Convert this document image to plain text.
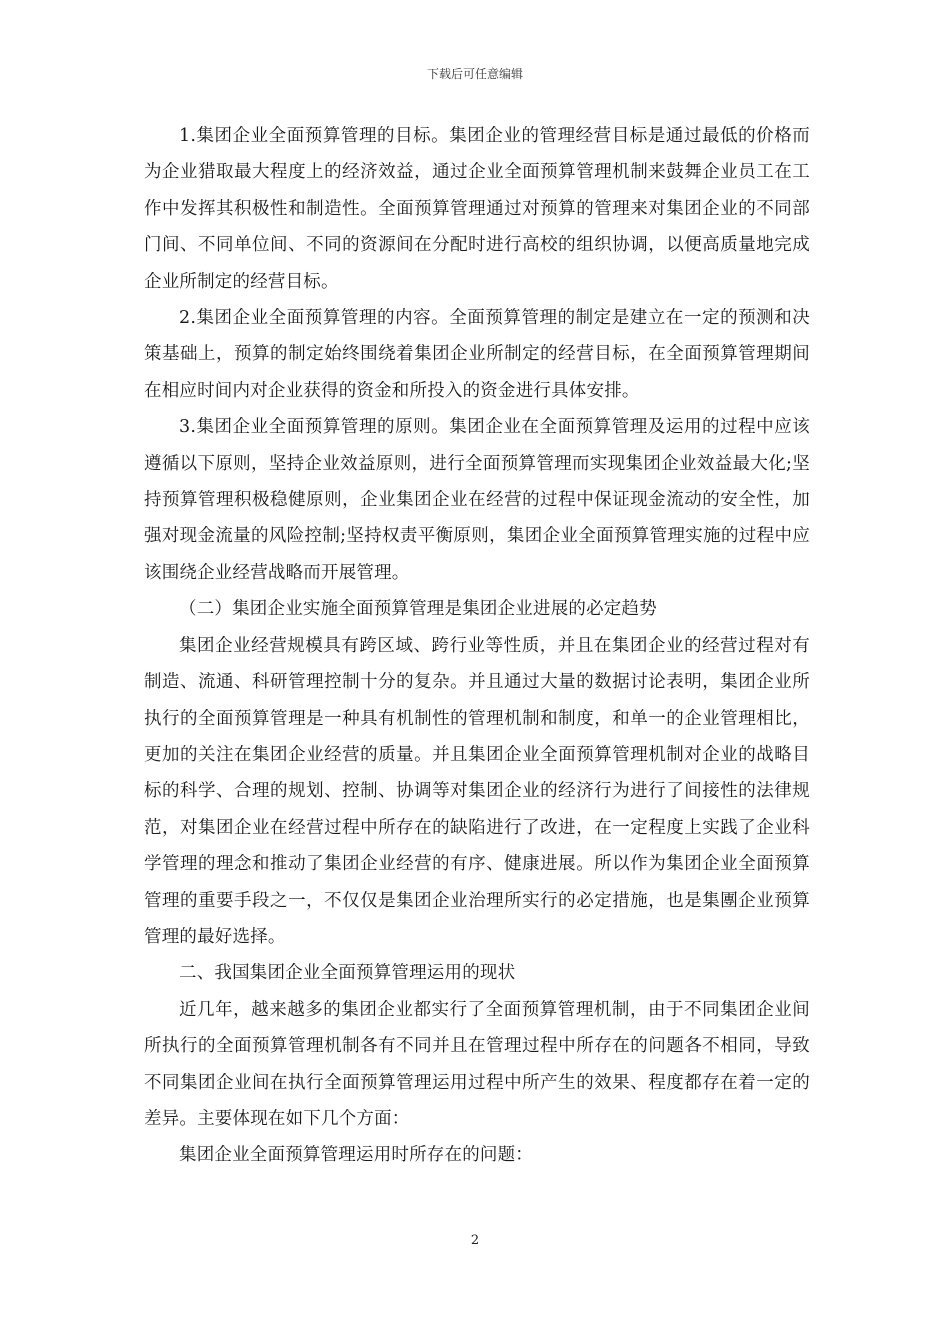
下载后可任意编辑

1.集团企业全面预算管理的目标。集团企业的管理经营目标是通过最低的价格而为企业猎取最大程度上的经济效益，通过企业全面预算管理机制来鼓舞企业员工在工作中发挥其积极性和制造性。全面预算管理通过对预算的管理来对集团企业的不同部门间、不同单位间、不同的资源间在分配时进行高校的组织协调，以便高质量地完成企业所制定的经营目标。

2.集团企业全面预算管理的内容。全面预算管理的制定是建立在一定的预测和决策基础上，预算的制定始终围绕着集团企业所制定的经营目标，在全面预算管理期间在相应时间内对企业获得的资金和所投入的资金进行具体安排。

3.集团企业全面预算管理的原则。集团企业在全面预算管理及运用的过程中应该遵循以下原则，坚持企业效益原则，进行全面预算管理而实现集团企业效益最大化;坚持预算管理积极稳健原则，企业集团企业在经营的过程中保证现金流动的安全性，加强对现金流量的风险控制;坚持权责平衡原则，集团企业全面预算管理实施的过程中应该围绕企业经营战略而开展管理。

（二）集团企业实施全面预算管理是集团企业进展的必定趋势

集团企业经营规模具有跨区域、跨行业等性质，并且在集团企业的经营过程对有制造、流通、科研管理控制十分的复杂。并且通过大量的数据讨论表明，集团企业所执行的全面预算管理是一种具有机制性的管理机制和制度，和单一的企业管理相比，更加的关注在集团企业经营的质量。并且集团企业全面预算管理机制对企业的战略目标的科学、合理的规划、控制、协调等对集团企业的经济行为进行了间接性的法律规范，对集团企业在经营过程中所存在的缺陷进行了改进，在一定程度上实践了企业科学管理的理念和推动了集团企业经营的有序、健康进展。所以作为集团企业全面预算管理的重要手段之一，不仅仅是集团企业治理所实行的必定措施，也是集團企业预算管理的最好选择。

二、我国集团企业全面预算管理运用的现状

近几年，越来越多的集团企业都实行了全面预算管理机制，由于不同集团企业间所执行的全面预算管理机制各有不同并且在管理过程中所存在的问题各不相同，导致不同集团企业间在执行全面预算管理运用过程中所产生的效果、程度都存在着一定的差异。主要体现在如下几个方面：

集团企业全面预算管理运用时所存在的问题：

2
